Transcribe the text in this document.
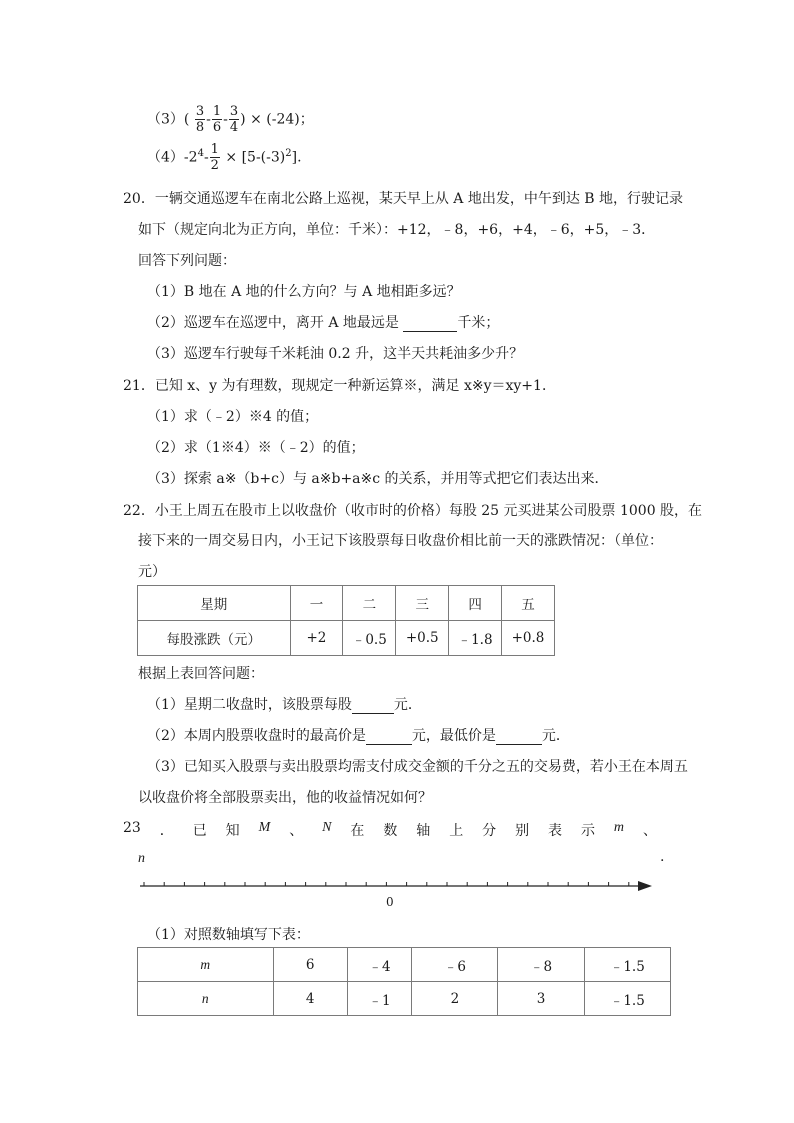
$(3)( \frac{3}{8} - \frac{1}{6} - \frac{3}{4}$ ) × (-24)；
$(4)-2^4- \frac{1}{2} \times [5-(-3)^2]$.
20．一辆交通巡逻车在南北公路上巡视，某天早上从 A 地出发，中午到达 B 地，行驶记录
如下（规定向北为正方向，单位：千米）：+12，﹣8，+6，+4，﹣6，+5，﹣3．
回答下列问题：
（1）B 地在 A 地的什么方向？与 A 地相距多远？
（2）巡逻车在巡逻中，离开 A 地最远是	千米；
（3）巡逻车行驶每千米耗油 0.2 升，这半天共耗油多少升？
21．已知 x、y 为有理数，现规定一种新运算※，满足 x※y＝xy+1．
（1）求（﹣2）※4 的值；
（2）求（1※4）※（﹣2）的值；
（3）探索 a※（b+c）与 a※b+a※c 的关系，并用等式把它们表达出来．
22．小王上周五在股市上以收盘价（收市时的价格）每股 25 元买进某公司股票 1000 股，在
接下来的一周交易日内，小王记下该股票每日收盘价相比前一天的涨跌情况：（单位：
元）
星期	一	二	三	四	五
每股涨跌（元）	+2	﹣0.5	+0.5	﹣1.8	+0.8
根据上表回答问题：
（1）星期二收盘时，该股票每股	元．
（2）本周内股票收盘时的最高价是	元，最低价是	元．
（3）已知买入股票与卖出股票均需支付成交金额的千分之五的交易费，若小王在本周五
以收盘价将全部股票卖出，他的收益情况如何？
23 ． 已 知 M 、 N 在 数 轴 上 分 别 表 示 m 、
n	.
0
（1）对照数轴填写下表：
m	6	﹣4	﹣6	﹣8	﹣1.5
n	4	﹣1	2	3	﹣1.5
